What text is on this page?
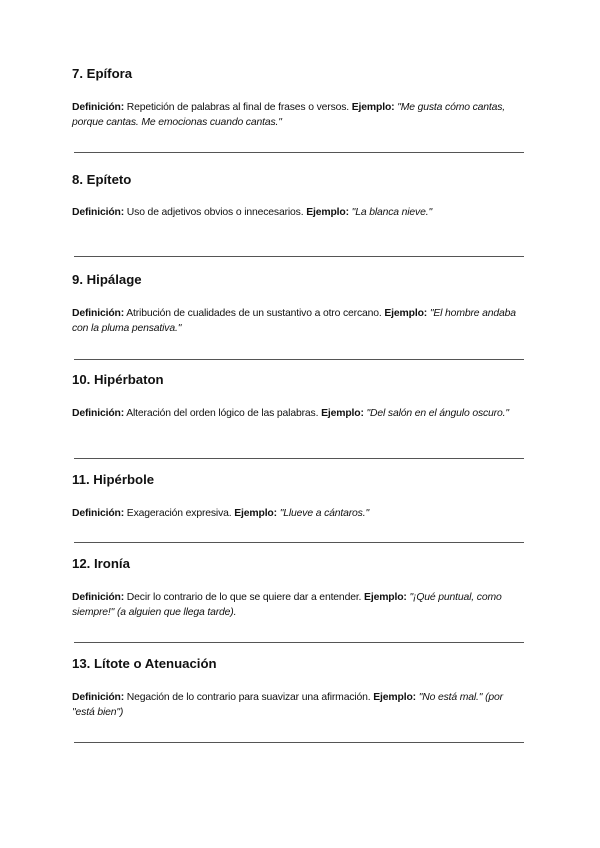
7. Epífora

Definición: Repetición de palabras al final de frases o versos. Ejemplo: "Me gusta cómo cantas, porque cantas. Me emocionas cuando cantas."

8. Epíteto

Definición: Uso de adjetivos obvios o innecesarios. Ejemplo: "La blanca nieve."

9. Hipálage

Definición: Atribución de cualidades de un sustantivo a otro cercano. Ejemplo: "El hombre andaba con la pluma pensativa."

10. Hipérbaton

Definición: Alteración del orden lógico de las palabras. Ejemplo: "Del salón en el ángulo oscuro."

11. Hipérbole

Definición: Exageración expresiva. Ejemplo: "Llueve a cántaros."

12. Ironía

Definición: Decir lo contrario de lo que se quiere dar a entender. Ejemplo: "¡Qué puntual, como siempre!" (a alguien que llega tarde).

13. Lítote o Atenuación

Definición: Negación de lo contrario para suavizar una afirmación. Ejemplo: "No está mal." (por "está bien")
